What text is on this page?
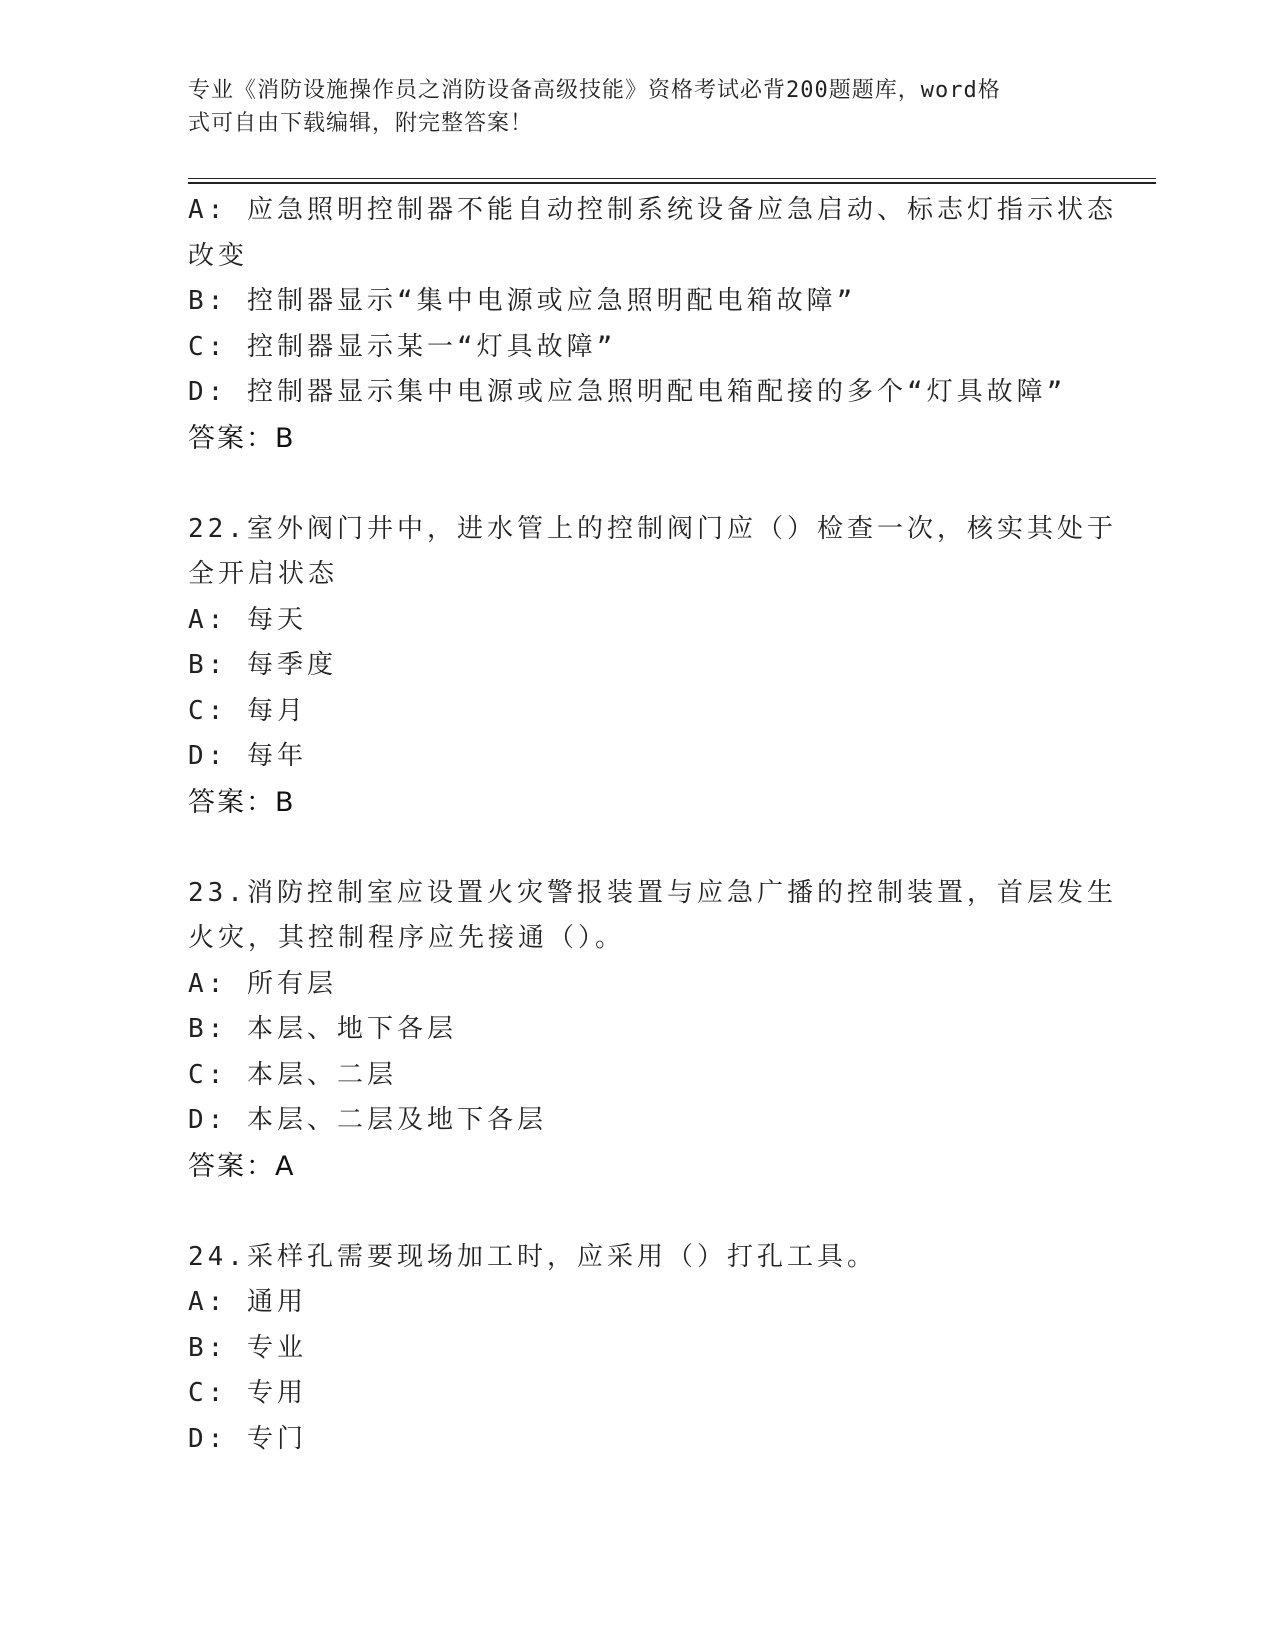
专业《消防设施操作员之消防设备高级技能》资格考试必背200题题库，word格
式可自由下载编辑，附完整答案！
A: 应急照明控制器不能自动控制系统设备应急启动、标志灯指示状态
改变
B: 控制器显示“集中电源或应急照明配电箱故障”
C: 控制器显示某一“灯具故障”
D: 控制器显示集中电源或应急照明配电箱配接的多个“灯具故障”
答案：B
22.室外阀门井中，进水管上的控制阀门应（）检查一次，核实其处于
全开启状态
A: 每天
B: 每季度
C: 每月
D: 每年
答案：B
23.消防控制室应设置火灾警报装置与应急广播的控制装置，首层发生
火灾，其控制程序应先接通（）。
A: 所有层
B: 本层、地下各层
C: 本层、二层
D: 本层、二层及地下各层
答案：A
24.采样孔需要现场加工时，应采用（）打孔工具。
A: 通用
B: 专业
C: 专用
D: 专门
